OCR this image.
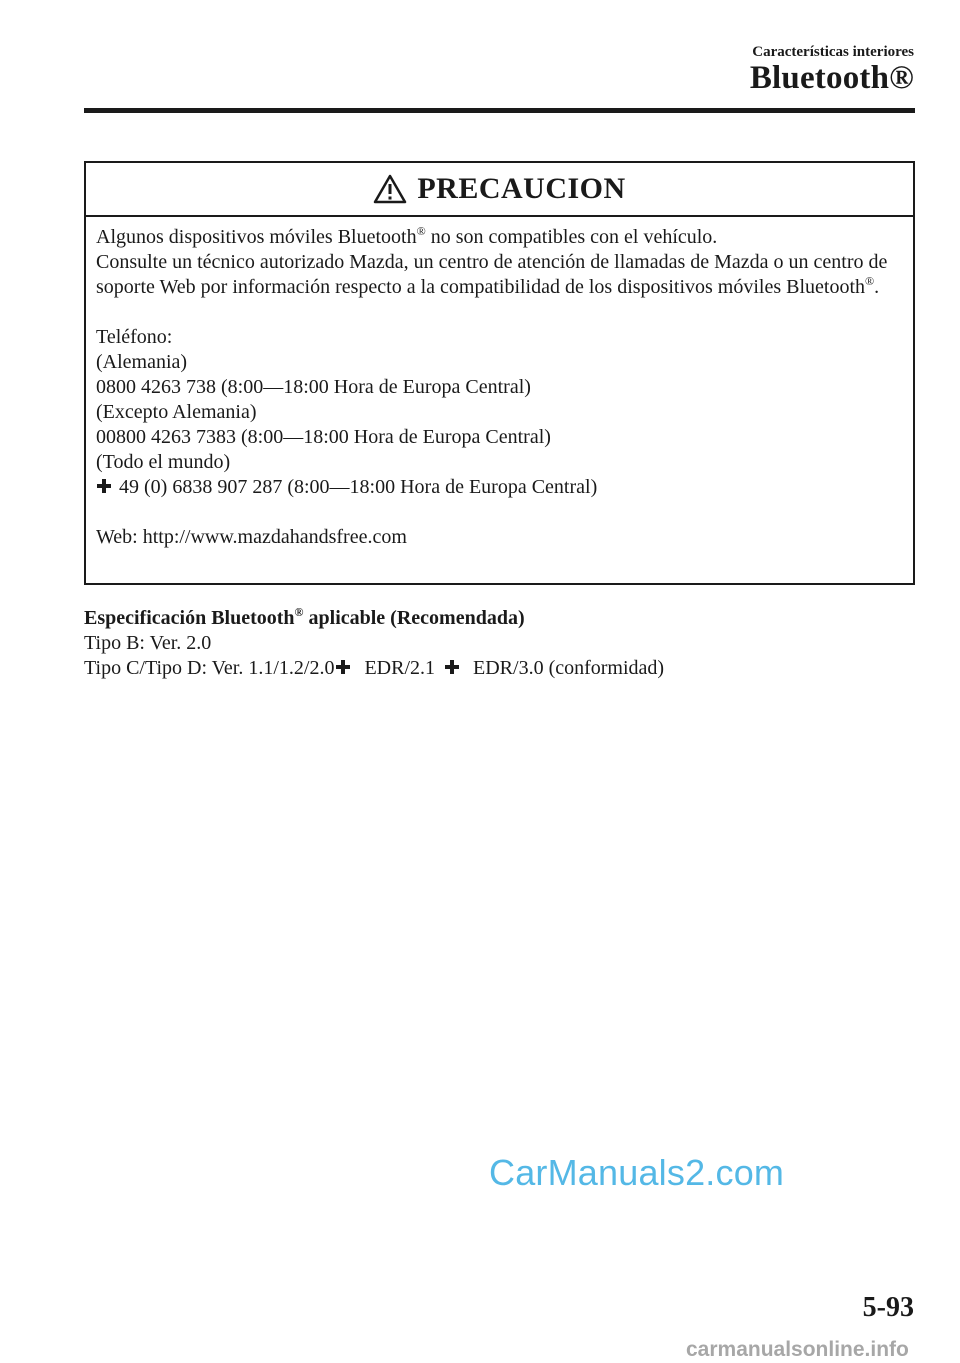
Características interiores
Bluetooth®
PRECAUCION

Algunos dispositivos móviles Bluetooth® no son compatibles con el vehículo.
Consulte un técnico autorizado Mazda, un centro de atención de llamadas de Mazda o un centro de soporte Web por información respecto a la compatibilidad de los dispositivos móviles Bluetooth®.

Teléfono:

(Alemania)

0800 4263 738 (8:00—18:00 Hora de Europa Central)

(Excepto Alemania)

00800 4263 7383 (8:00—18:00 Hora de Europa Central)

(Todo el mundo)

49 (0) 6838 907 287 (8:00—18:00 Hora de Europa Central)

Web: http://www.mazdahandsfree.com

Especificación Bluetooth® aplicable (Recomendada)

Tipo B: Ver. 2.0

Tipo C/Tipo D: Ver. 1.1/1.2/2.0 EDR/2.1 EDR/3.0 (conformidad)

CarManuals2.com
5-93
carmanualsonline.info
